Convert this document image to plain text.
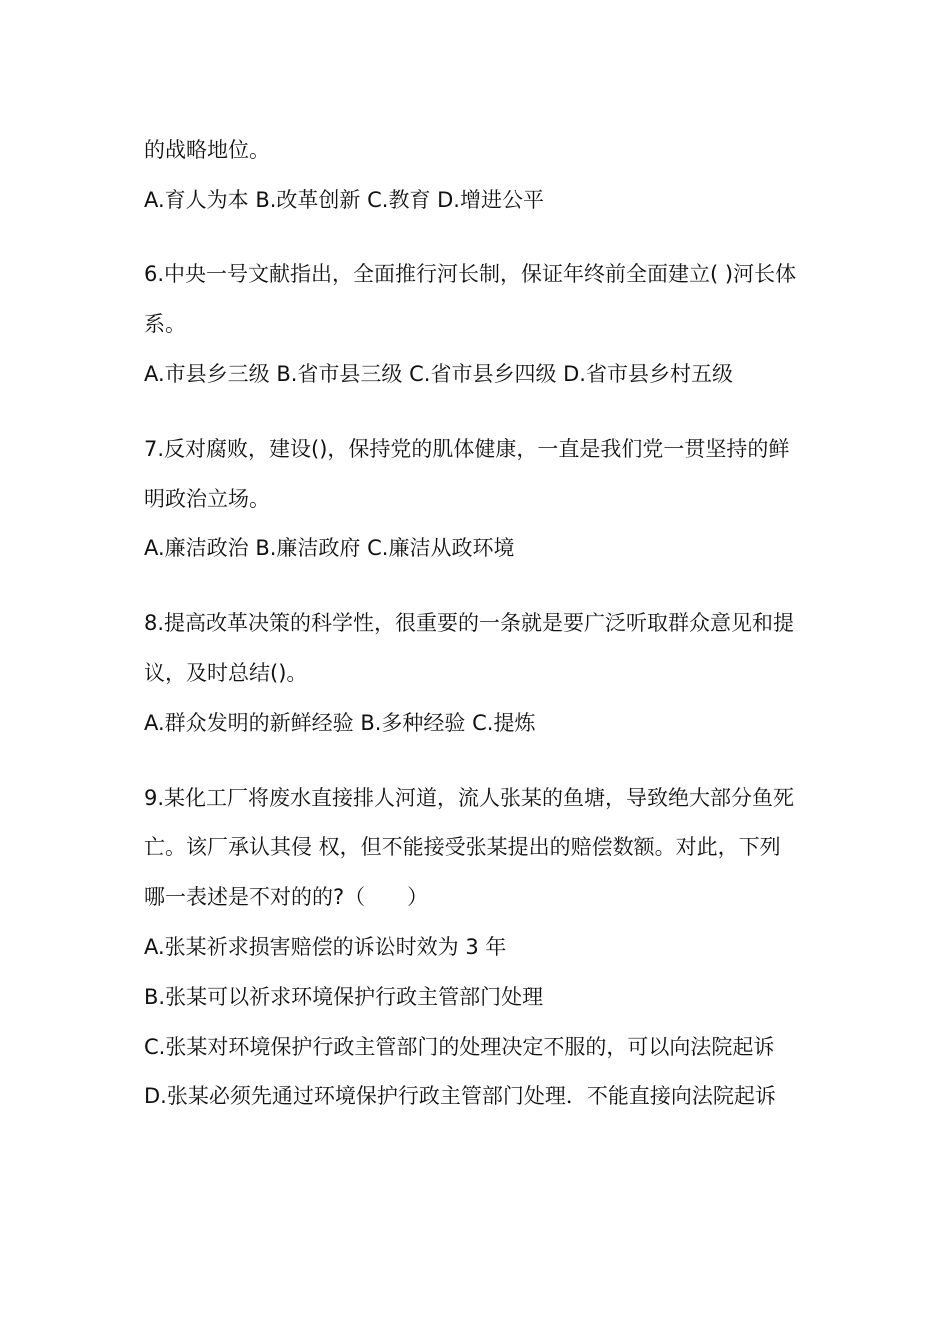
的战略地位。
A.育人为本 B.改革创新 C.教育 D.增进公平
6.中央一号文献指出，全面推行河长制，保证年终前全面建立( )河长体
系。
A.市县乡三级 B.省市县三级 C.省市县乡四级 D.省市县乡村五级
7.反对腐败，建设()，保持党的肌体健康，一直是我们党一贯坚持的鲜
明政治立场。
A.廉洁政治 B.廉洁政府 C.廉洁从政环境
8.提高改革决策的科学性，很重要的一条就是要广泛听取群众意见和提
议，及时总结()。
A.群众发明的新鲜经验 B.多种经验 C.提炼
9.某化工厂将废水直接排人河道，流人张某的鱼塘，导致绝大部分鱼死
亡。该厂承认其侵 权，但不能接受张某提出的赔偿数额。对此，下列
哪一表述是不对的的?（　　）
A.张某祈求损害赔偿的诉讼时效为 3 年
B.张某可以祈求环境保护行政主管部门处理
C.张某对环境保护行政主管部门的处理决定不服的，可以向法院起诉
D.张某必须先通过环境保护行政主管部门处理．不能直接向法院起诉
